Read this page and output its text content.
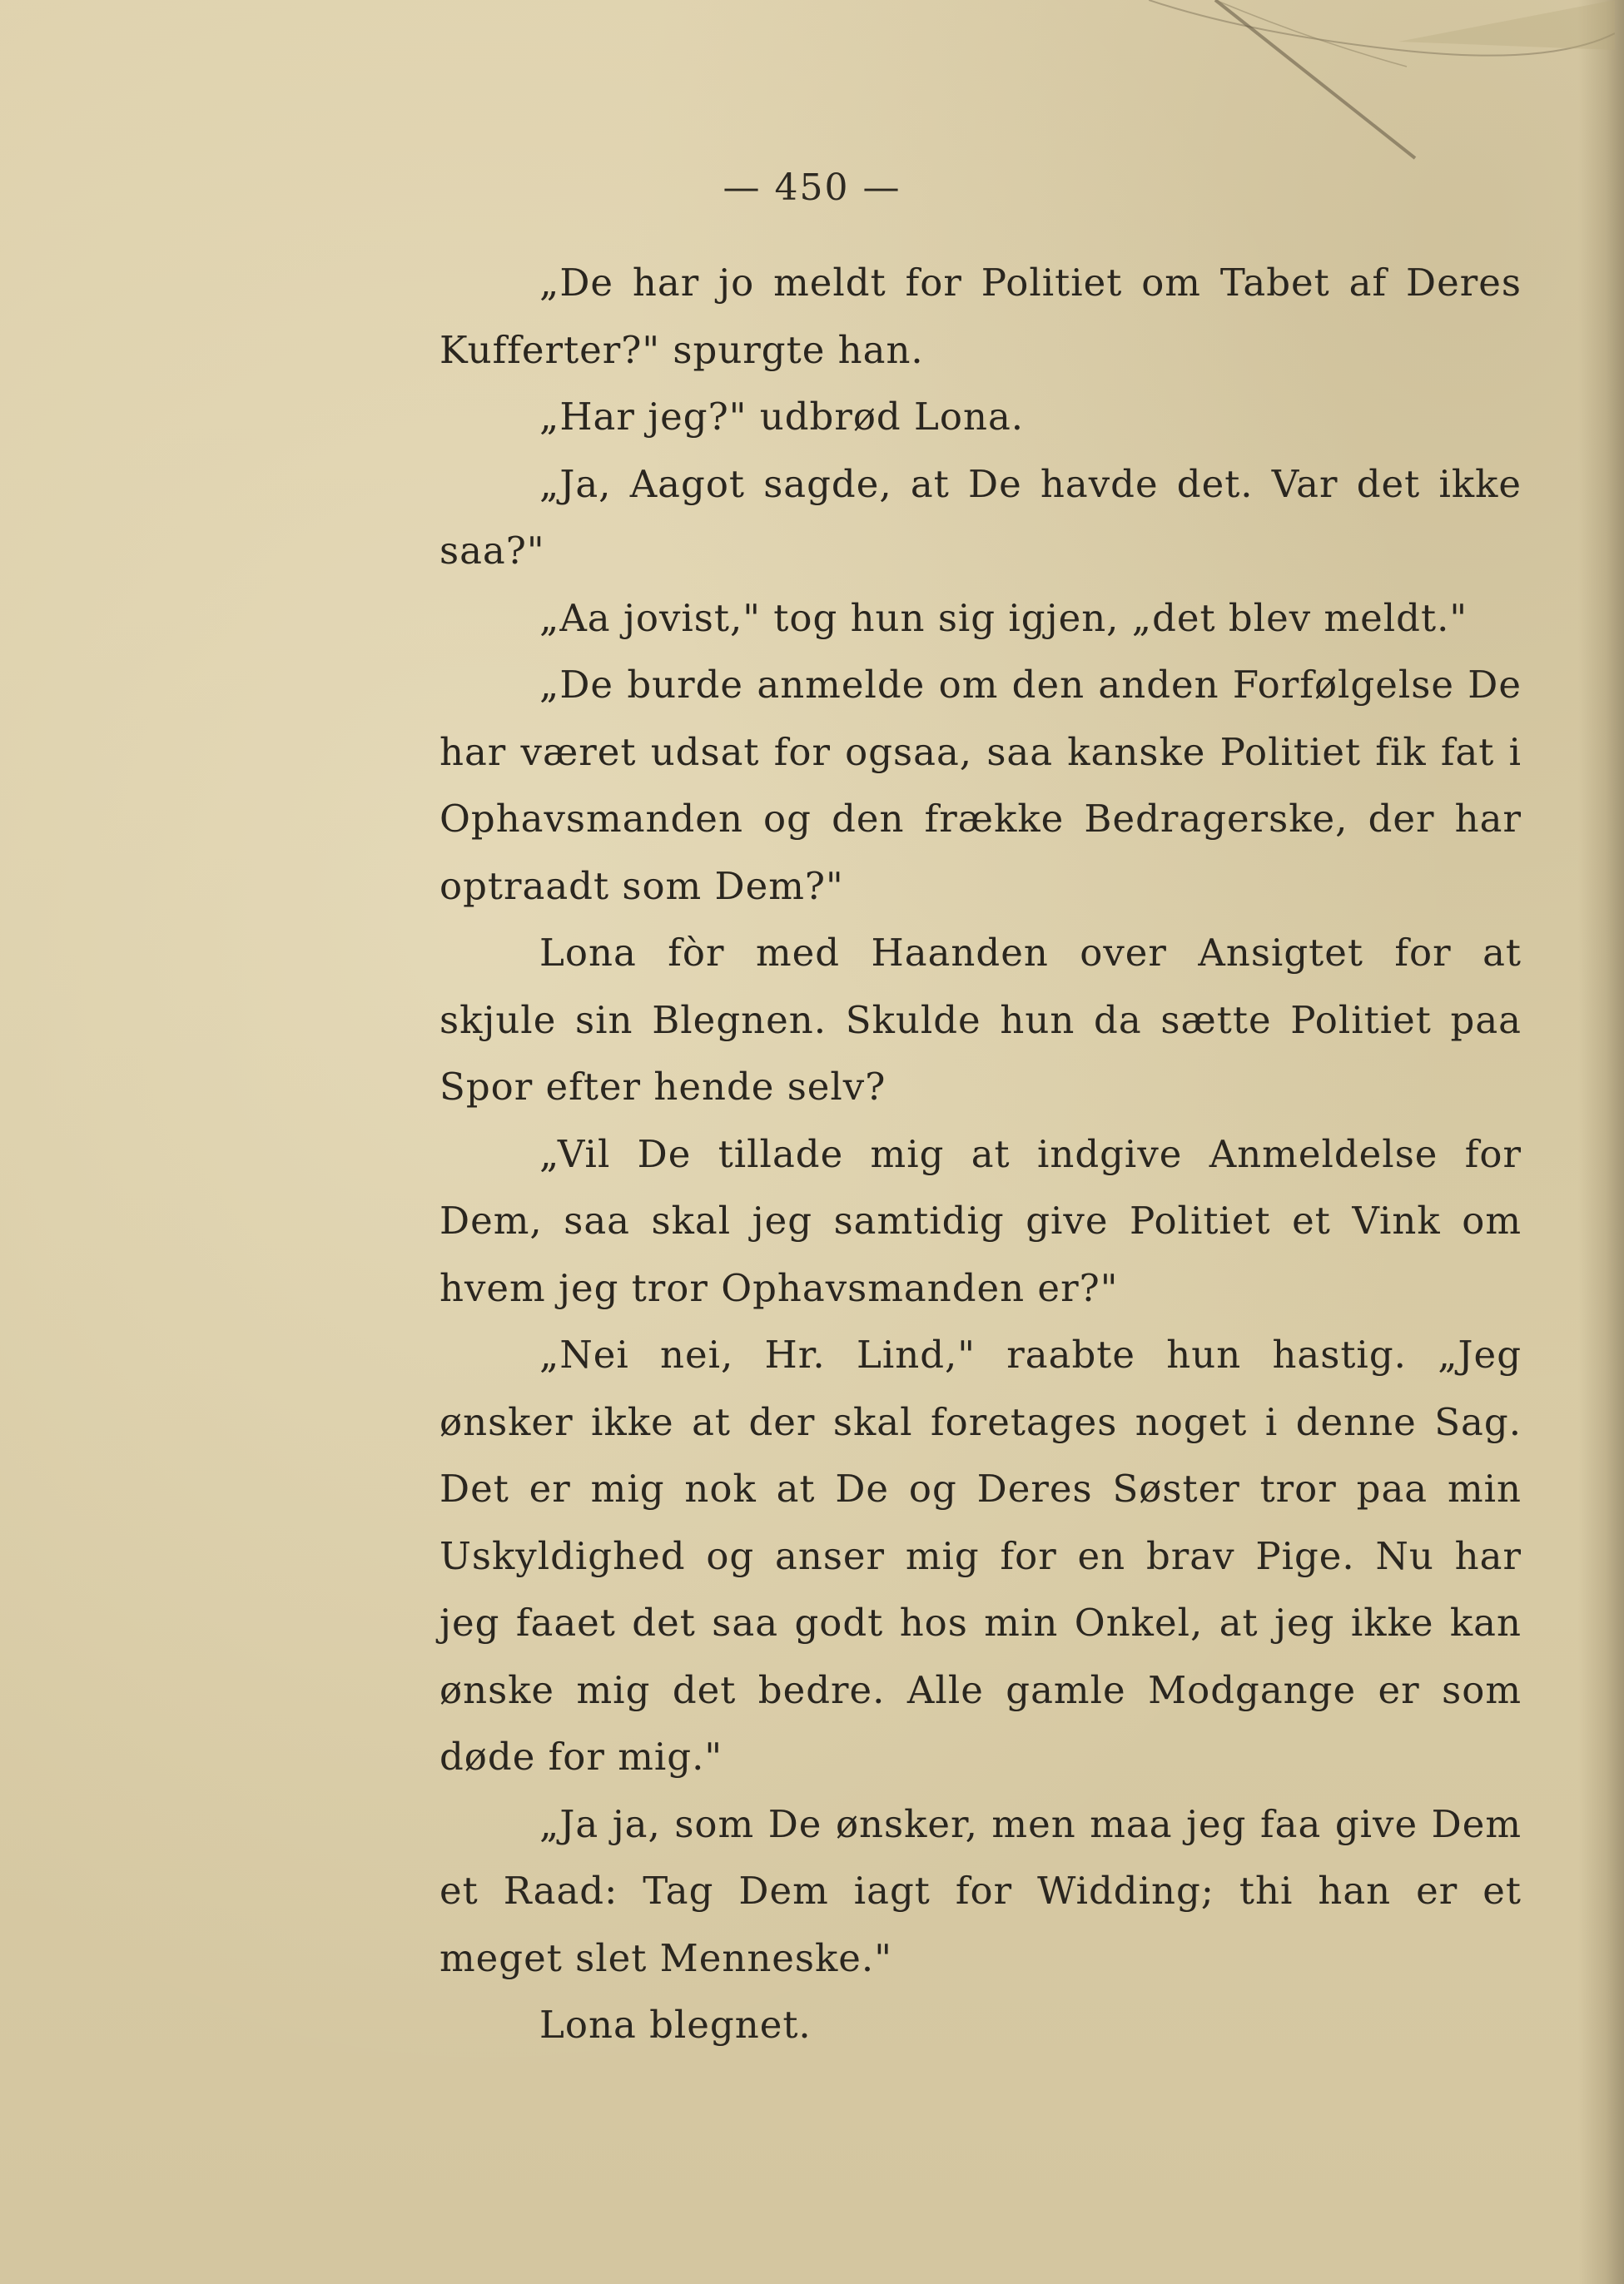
— 450 —

„De har jo meldt for Politiet om Tabet af Deres Kufferter?" spurgte han.

„Har jeg?" udbrød Lona.

„Ja, Aagot sagde, at De havde det. Var det ikke saa?"

„Aa jovist," tog hun sig igjen, „det blev meldt."

„De burde anmelde om den anden Forfølgelse De har været udsat for ogsaa, saa kanske Politiet fik fat i Ophavsmanden og den frække Bedragerske, der har optraadt som Dem?"

Lona fòr med Haanden over Ansigtet for at skjule sin Blegnen. Skulde hun da sætte Politiet paa Spor efter hende selv?

„Vil De tillade mig at indgive Anmeldelse for Dem, saa skal jeg samtidig give Politiet et Vink om hvem jeg tror Ophavsmanden er?"

„Nei nei, Hr. Lind," raabte hun hastig. „Jeg ønsker ikke at der skal foretages noget i denne Sag. Det er mig nok at De og Deres Søster tror paa min Uskyldighed og anser mig for en brav Pige. Nu har jeg faaet det saa godt hos min Onkel, at jeg ikke kan ønske mig det bedre. Alle gamle Modgange er som døde for mig."

„Ja ja, som De ønsker, men maa jeg faa give Dem et Raad: Tag Dem iagt for Widding; thi han er et meget slet Menneske."

Lona blegnet.
